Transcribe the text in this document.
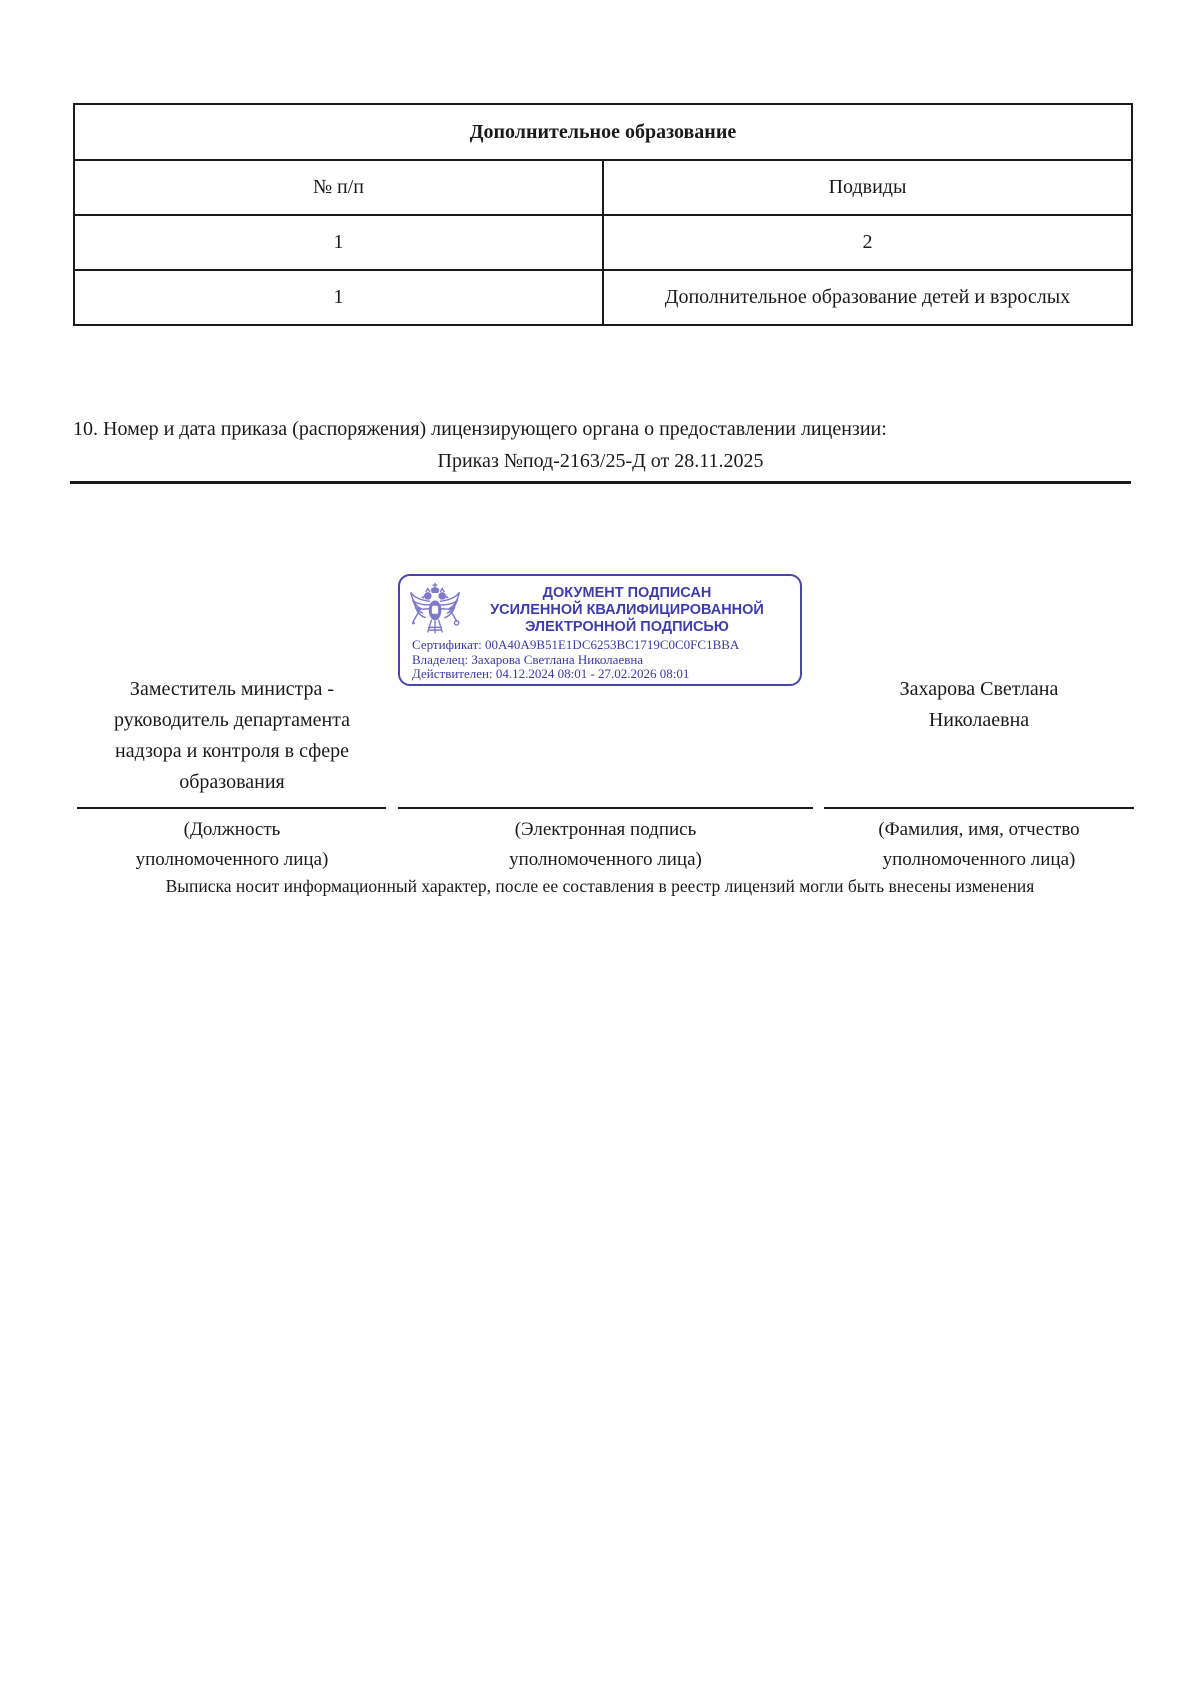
Дополнительное образование	
№ п/п	Подвиды
1	2
1	Дополнительное образование детей и взрослых
10. Номер и дата приказа (распоряжения) лицензирующего органа о предоставлении лицензии:
Приказ №под-2163/25-Д от 28.11.2025
ДОКУМЕНТ ПОДПИСАН
УСИЛЕННОЙ КВАЛИФИЦИРОВАННОЙ
ЭЛЕКТРОННОЙ ПОДПИСЬЮ
Сертификат: 00A40A9B51E1DC6253BC1719C0C0FC1BBA
Владелец: Захарова Светлана Николаевна
Действителен: 04.12.2024 08:01 - 27.02.2026 08:01
Заместитель министра -
руководитель департамента
надзора и контроля в сфере
образования
Захарова Светлана
Николаевна
(Должность
уполномоченного лица)
(Электронная подпись
уполномоченного лица)
(Фамилия, имя, отчество
уполномоченного лица)
Выписка носит информационный характер, после ее составления в реестр лицензий могли быть внесены изменения
